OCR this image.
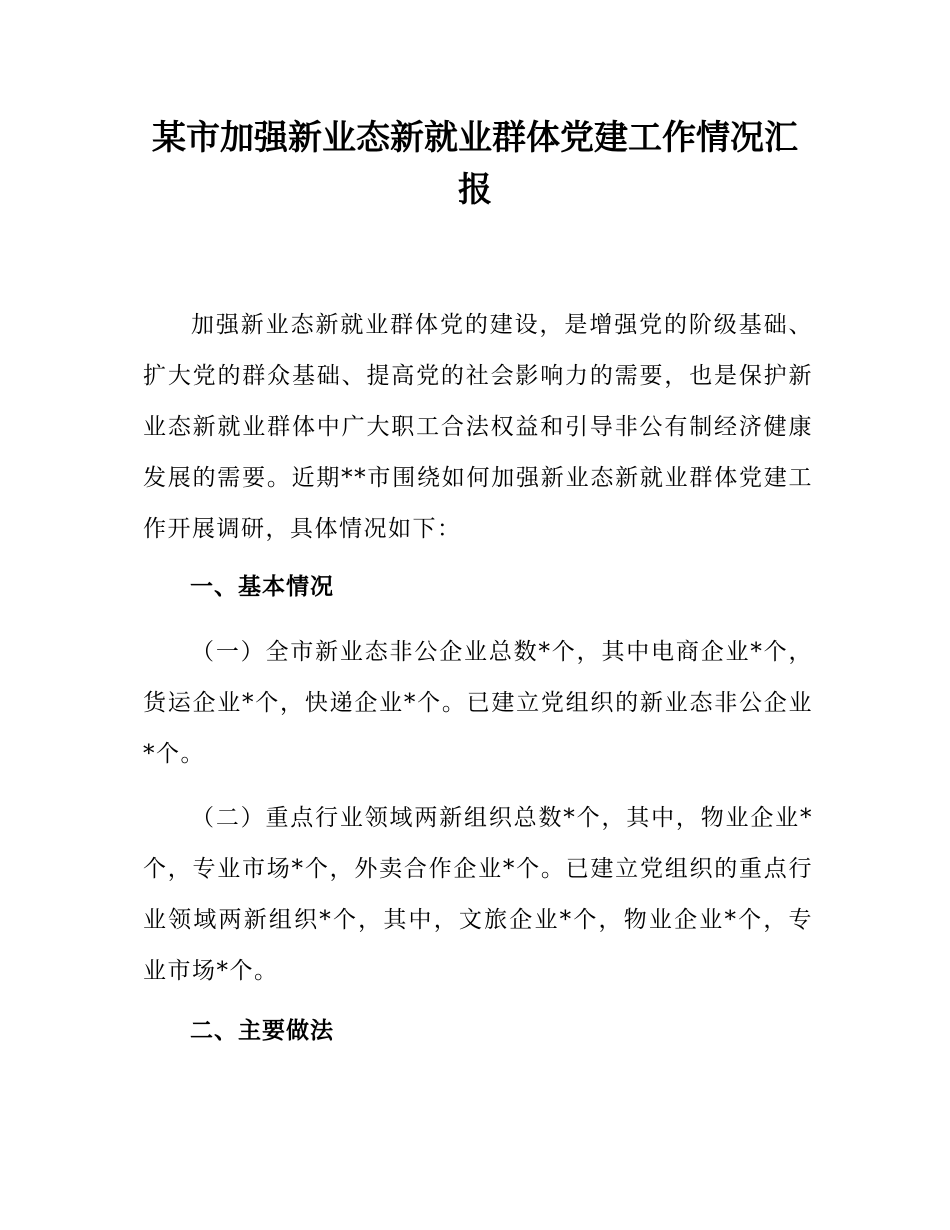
某市加强新业态新就业群体党建工作情况汇
报

加强新业态新就业群体党的建设，是增强党的阶级基础、扩大党的群众基础、提高党的社会影响力的需要，也是保护新业态新就业群体中广大职工合法权益和引导非公有制经济健康发展的需要。近期**市围绕如何加强新业态新就业群体党建工作开展调研，具体情况如下：

一、基本情况

（一）全市新业态非公企业总数*个，其中电商企业*个，货运企业*个，快递企业*个。已建立党组织的新业态非公企业*个。

（二）重点行业领域两新组织总数*个，其中，物业企业*个，专业市场*个，外卖合作企业*个。已建立党组织的重点行业领域两新组织*个，其中，文旅企业*个，物业企业*个，专业市场*个。

二、主要做法
